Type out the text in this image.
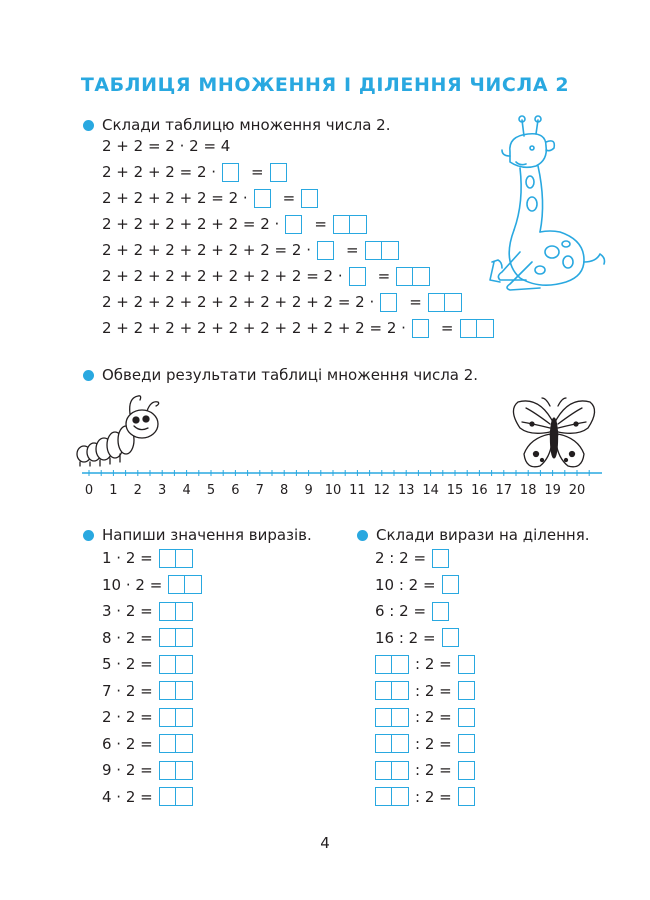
ТАБЛИЦЯ МНОЖЕННЯ І ДІЛЕННЯ ЧИСЛА 2
Склади таблицю множення числа 2.
2 + 2 = 2 · 2 = 4
2 + 2 + 2 = 2 · =
2 + 2 + 2 + 2 = 2 · =
2 + 2 + 2 + 2 + 2 = 2 · =
2 + 2 + 2 + 2 + 2 + 2 = 2 · =
2 + 2 + 2 + 2 + 2 + 2 + 2 = 2 · =
2 + 2 + 2 + 2 + 2 + 2 + 2 + 2 = 2 · =
2 + 2 + 2 + 2 + 2 + 2 + 2 + 2 + 2 = 2 · =
Обведи результати таблиці множення числа 2.
0 1 2 3 4 5 6 7 8 9 10 11 12 13 14 15 16 17 18 19 20
Напиши значення виразів.
1 · 2 =
10 · 2 =
3 · 2 =
8 · 2 =
5 · 2 =
7 · 2 =
2 · 2 =
6 · 2 =
9 · 2 =
4 · 2 =
Склади вирази на ділення.
2 : 2 =
10 : 2 =
6 : 2 =
16 : 2 =
: 2 =
: 2 =
: 2 =
: 2 =
: 2 =
: 2 =
4
